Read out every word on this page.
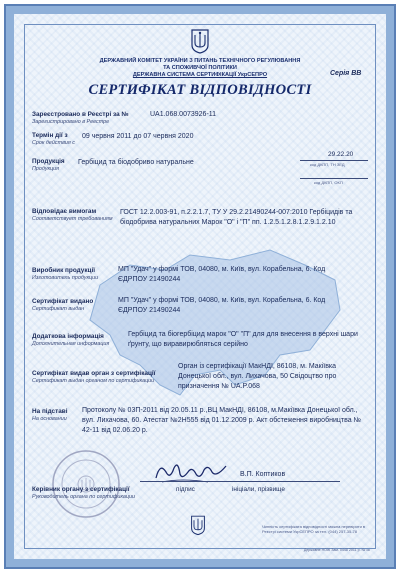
ДЕРЖАВНИЙ КОМІТЕТ УКРАЇНИ З ПИТАНЬ ТЕХНІЧНОГО РЕГУЛЮВАННЯ

ТА СПОЖИВЧОЇ ПОЛІТИКИ

ДЕРЖАВНА СИСТЕМА СЕРТИФІКАЦІЇ УкрСЕПРО	Серія ВВ

СЕРТИФІКАТ ВІДПОВІДНОСТІ

Зареєстровано в Реєстрі за №

Зарегистрировано в Реестре

UA1.068.0073926-11

Термін дії з

Срок действия с

09 червня 2011 до 07 червня 2020

Продукція

Продукция

Гербіцид та біодобриво натуральне

29.22.20

код ДКПП, ТН ЗЕД

код ДКПП, ОКП

Відповідає вимогам

Соответствует требованиям

ГОСТ 12.2.003-91, п.2.2.1.7, ТУ У 29.2.21490244-007:2010 Гербіцидів та біодобрива натуральних Марок "О" і "П" пп. 1.2.5.1.2.8.1.2.9.1.2.10

Виробник продукції

Изготовитель продукции

МП "Удач" у формі ТОВ, 04080, м. Київ, вул. Корабельна, 6. Код ЄДРПОУ 21490244

Сертифікат видано

Сертификат выдан

МП "Удач" у формі ТОВ, 04080, м. Київ, вул. Корабельна, 6. Код ЄДРПОУ 21490244

Додаткова інформація

Дополнительная информация

Гербіцид та біогербіцид марок "О" "П" для для внесення в верхні шари ґрунту, що виравирюбляться серійно

Сертифікат видав орган з сертифікації

Сертификат выдан органом по сертификации

Орган із сертифікації МакНДІ, 86108, м. Макіївка Донецької обл., вул. Лихачова, 50 Свідоцтво про призначення № UA.P.068

На підставі

На основании

Протоколу № 03П-2011 від 20.05.11 р.,ВЦ МакНДІ, 86108, м.Макіївка Донецької обл., вул. Лихачова, 60. Атестат №2Н555 від 01.12.2009 р. Акт обстеження виробництва № 42-11 від 02.06.20 р.

В.П. Коптиков

Керівник органу з сертифікації

Руководитель органа по сертификации

підпис	ініціали, прізвище

Чинність сертифіката відповідності можна перевірити в Реєстрі системи УкрСЕПРО за тел. (044) 257-35-78

Державне НОЖ Зам. 0448 2011 р. № ок
